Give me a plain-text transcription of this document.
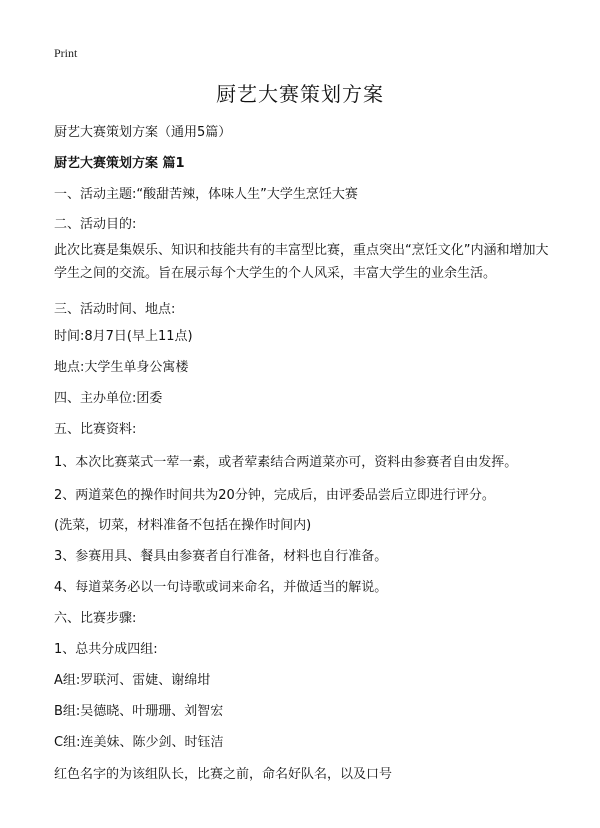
Print
厨艺大赛策划方案
厨艺大赛策划方案（通用5篇）
厨艺大赛策划方案 篇1
一、活动主题:“酸甜苦辣，体味人生”大学生烹饪大赛
二、活动目的:
此次比赛是集娱乐、知识和技能共有的丰富型比赛，重点突出“烹饪文化”内涵和增加大学生之间的交流。旨在展示每个大学生的个人风采，丰富大学生的业余生活。
三、活动时间、地点:
时间:8月7日(早上11点)
地点:大学生单身公寓楼
四、主办单位:团委
五、比赛资料:
1、本次比赛菜式一荤一素，或者荤素结合两道菜亦可，资料由参赛者自由发挥。
2、两道菜色的操作时间共为20分钟，完成后，由评委品尝后立即进行评分。
(洗菜，切菜，材料准备不包括在操作时间内)
3、参赛用具、餐具由参赛者自行准备，材料也自行准备。
4、每道菜务必以一句诗歌或词来命名，并做适当的解说。
六、比赛步骤:
1、总共分成四组:
A组:罗联河、雷婕、谢绵坩
B组:吴德晓、叶珊珊、刘智宏
C组:连美妹、陈少剑、时钰洁
红色名字的为该组队长，比赛之前，命名好队名，以及口号
